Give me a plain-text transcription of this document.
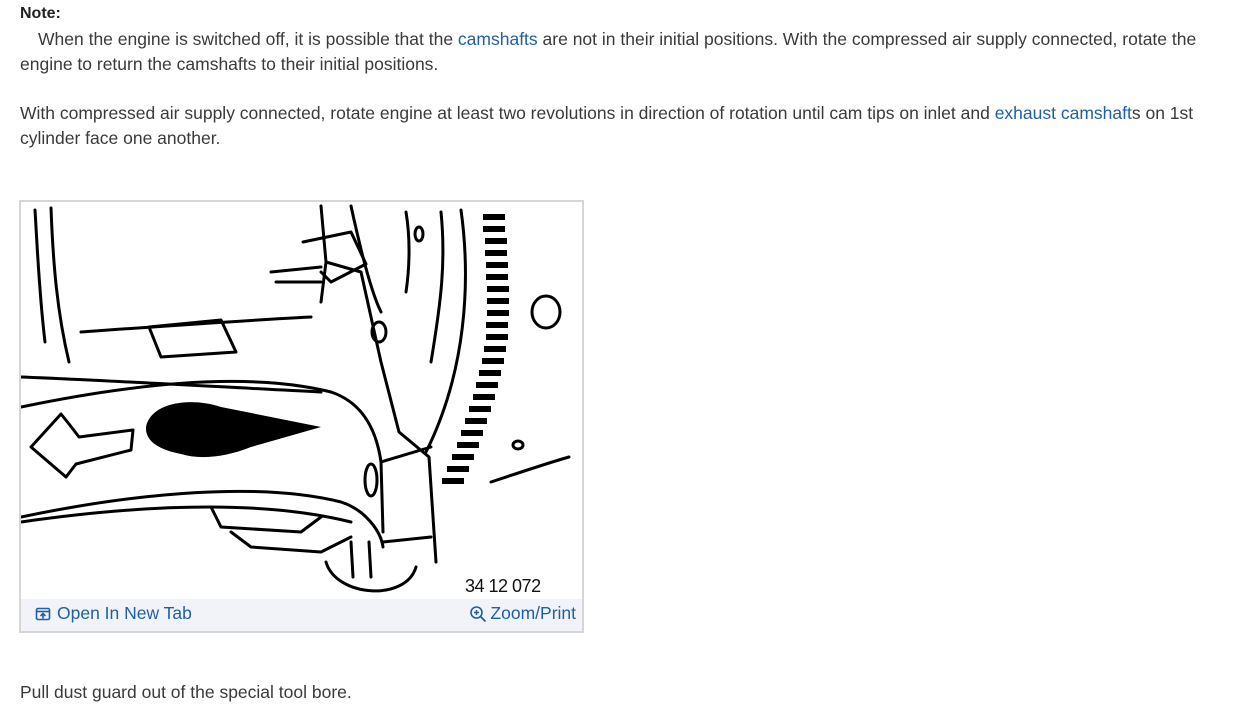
Note:

When the engine is switched off, it is possible that the camshafts are not in their initial positions. With the compressed air supply connected, rotate the engine to return the camshafts to their initial positions.

With compressed air supply connected, rotate engine at least two revolutions in direction of rotation until cam tips on inlet and exhaust camshafts on 1st cylinder face one another.

34 12 072
Open In New Tab	Zoom/Print

Pull dust guard out of the special tool bore.
